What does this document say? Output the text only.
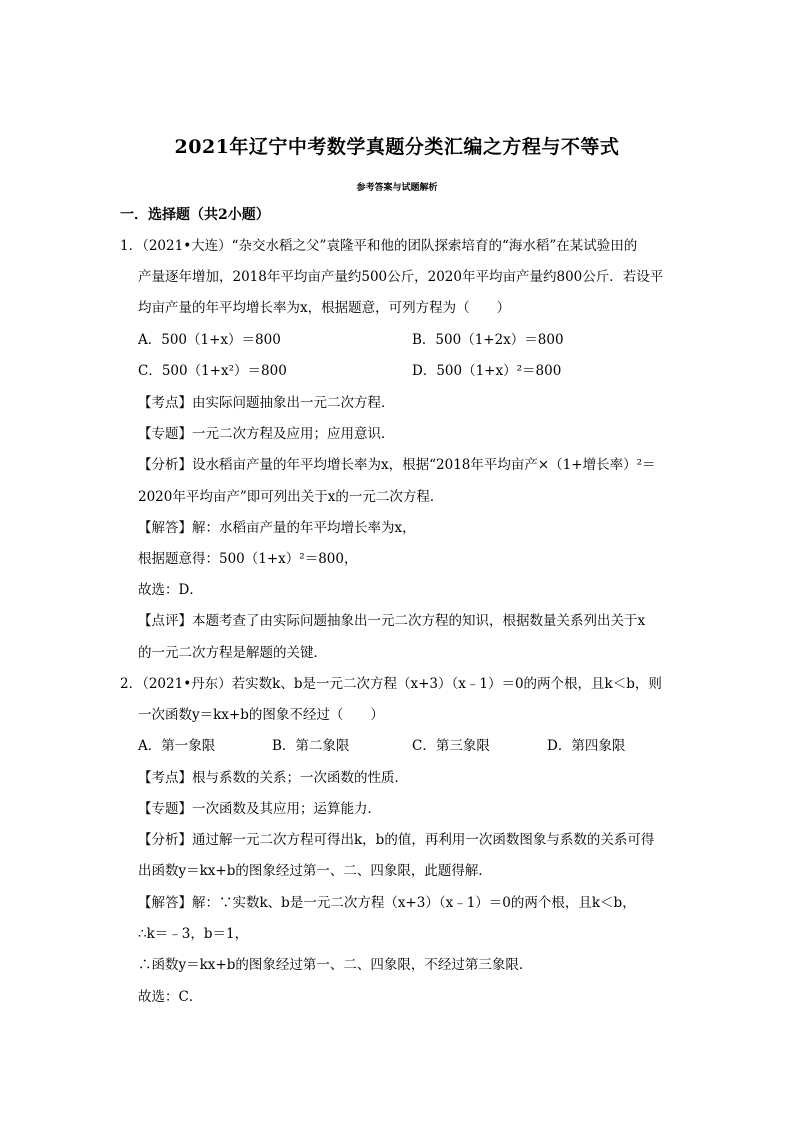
2021年辽宁中考数学真题分类汇编之方程与不等式
参考答案与试题解析
一．选择题（共2小题）
1．（2021•大连）“杂交水稻之父”袁隆平和他的团队探索培育的“海水稻”在某试验田的
产量逐年增加，2018年平均亩产量约500公斤，2020年平均亩产量约800公斤．若设平
均亩产量的年平均增长率为x，根据题意，可列方程为（　　）
A．500（1+x）＝800	B．500（1+2x）＝800
C．500（1+x²）＝800	D．500（1+x）²＝800
【考点】由实际问题抽象出一元二次方程．
【专题】一元二次方程及应用；应用意识．
【分析】设水稻亩产量的年平均增长率为x，根据“2018年平均亩产×（1+增长率）²＝
2020年平均亩产”即可列出关于x的一元二次方程．
【解答】解：水稻亩产量的年平均增长率为x，
根据题意得：500（1+x）²＝800，
故选：D．
【点评】本题考查了由实际问题抽象出一元二次方程的知识，根据数量关系列出关于x
的一元二次方程是解题的关键．
2．（2021•丹东）若实数k、b是一元二次方程（x+3）（x﹣1）＝0的两个根，且k＜b，则
一次函数y＝kx+b的图象不经过（　　）
A．第一象限	B．第二象限	C．第三象限	D．第四象限
【考点】根与系数的关系；一次函数的性质．
【专题】一次函数及其应用；运算能力．
【分析】通过解一元二次方程可得出k，b的值，再利用一次函数图象与系数的关系可得
出函数y＝kx+b的图象经过第一、二、四象限，此题得解．
【解答】解：∵实数k、b是一元二次方程（x+3）（x﹣1）＝0的两个根，且k＜b，
∴k＝﹣3，b＝1，
∴函数y＝kx+b的图象经过第一、二、四象限，不经过第三象限．
故选：C．
